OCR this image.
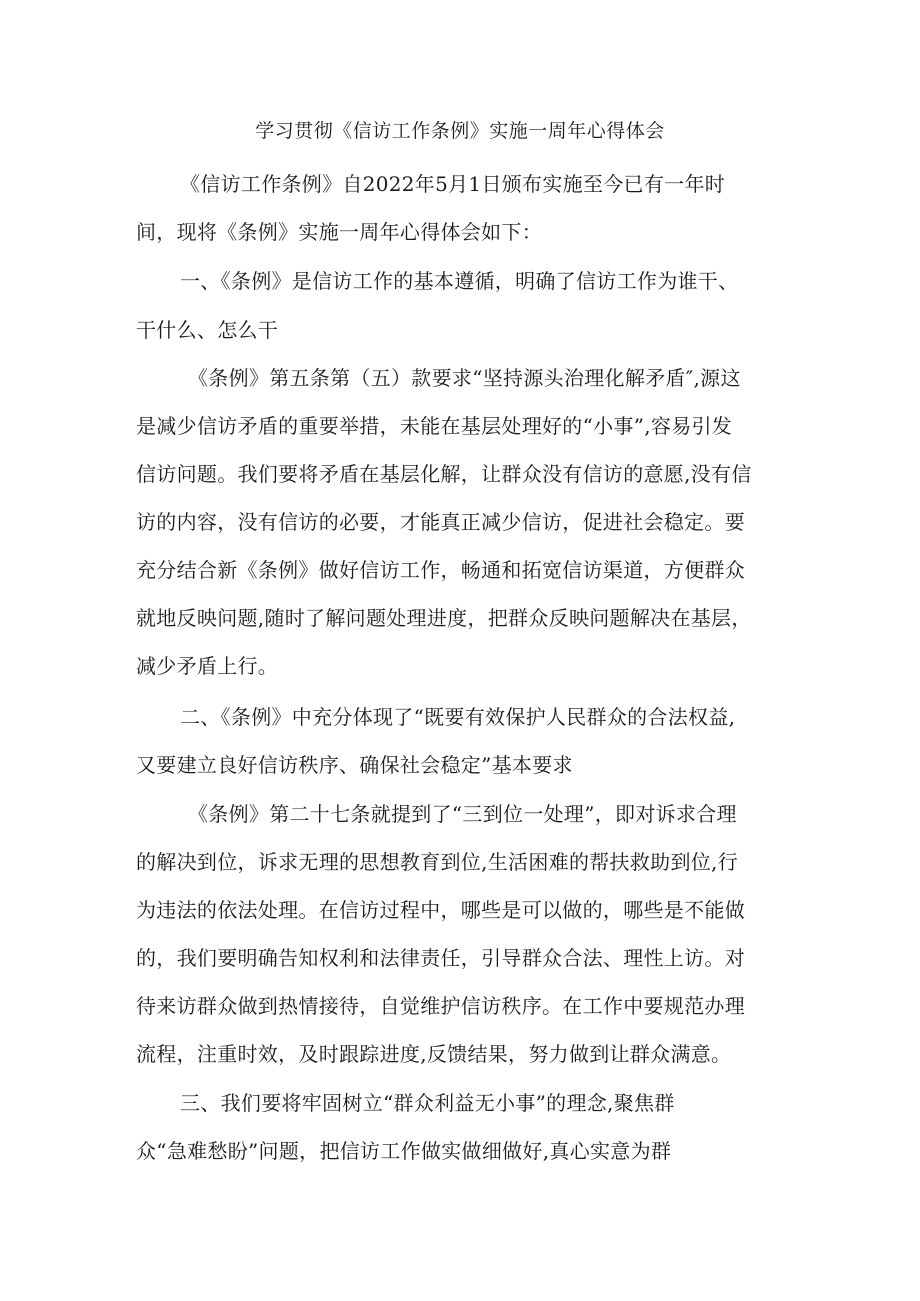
学习贯彻《信访工作条例》实施一周年心得体会
《信访工作条例》自2022年5月1日颁布实施至今已有一年时
间，现将《条例》实施一周年心得体会如下：
一、《条例》是信访工作的基本遵循，明确了信访工作为谁干、
干什么、怎么干
《条例》第五条第（五）款要求“坚持源头治理化解矛盾″,源这
是减少信访矛盾的重要举措，未能在基层处理好的“小事”,容易引发
信访问题。我们要将矛盾在基层化解，让群众没有信访的意愿,没有信
访的内容，没有信访的必要，才能真正减少信访，促进社会稳定。要
充分结合新《条例》做好信访工作，畅通和拓宽信访渠道，方便群众
就地反映问题,随时了解问题处理进度，把群众反映问题解决在基层，
减少矛盾上行。
二、《条例》中充分体现了“既要有效保护人民群众的合法权益,
又要建立良好信访秩序、确保社会稳定”基本要求
《条例》第二十七条就提到了“三到位一处理”，即对诉求合理
的解决到位，诉求无理的思想教育到位,生活困难的帮扶救助到位,行
为违法的依法处理。在信访过程中，哪些是可以做的，哪些是不能做
的，我们要明确告知权利和法律责任，引导群众合法、理性上访。对
待来访群众做到热情接待，自觉维护信访秩序。在工作中要规范办理
流程，注重时效，及时跟踪进度,反馈结果，努力做到让群众满意。
三、我们要将牢固树立“群众利益无小事”的理念,聚焦群
众“急难愁盼”问题，把信访工作做实做细做好,真心实意为群
